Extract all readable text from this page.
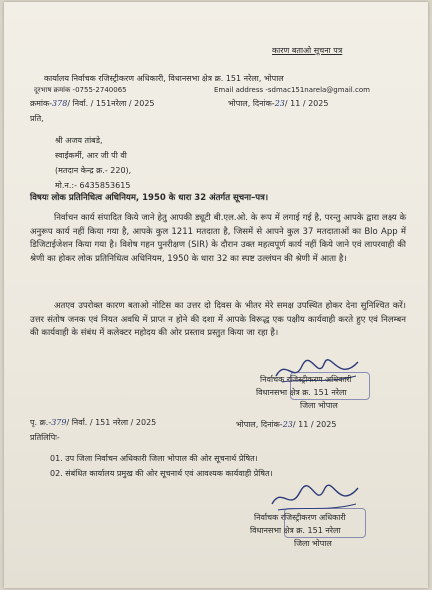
कारण बताओ सूचना पत्र
कार्यालय निर्वाचक रजिस्ट्रीकरण अधिकारी, विधानसभा क्षेत्र क्र. 151 नरेला, भोपाल
दूरभाष क्रमांक -0755-2740065	Email address -sdmac151narela@gmail.com
क्रमांक-378/ निर्वा. / 151नरेला / 2025	भोपाल, दिनांक-23/ 11 / 2025
प्रति,
श्री अजय तांबडे,
स्वाईकर्मी, आर जी पी वी
(मतदान केन्द्र क्र.- 220),
मो.न.:- 6435853615
विषयः लोक प्रतिनिधित्व अधिनियम, 1950 के धारा 32 अंतर्गत सूचना–पत्र।
निर्वाचन कार्य संपादित किये जाने हेतु आपकी ड्यूटी बी.एल.ओ. के रूप में लगाई गई है, परन्तु आपके द्वारा लक्ष्य के अनुरूप कार्य नहीं किया गया है, आपके कुल 1211 मतदाता है, जिसमें से आपने कुल 37 मतदाताओं का Blo App में डिजिटाईजेशन किया गया है। विशेष गहन पुनरीक्षण (SIR) के दौरान उक्त महत्वपूर्ण कार्य नहीं किये जाने एवं लापरवाही की श्रेणी का होकर लोक प्रतिनिधित्व अधिनियम, 1950 के धारा 32 का स्पष्ट उल्लंघन की श्रेणी में आता है।
अतएव उपरोक्त कारण बताओ नोटिस का उत्तर दो दिवस के भीतर मेरे समक्ष उपस्थित होकर देना सुनिश्चित करें। उत्तर संतोष जनक एवं नियत अवधि में प्राप्त न होने की दशा में आपके विरूद्ध एक पक्षीय कार्यवाही करते हुए एवं निलम्बन की कार्यवाही के संबंध में कलेक्टर महोदय की ओर प्रस्ताव प्रस्तुत किया जा रहा है।
निर्वाचक रजिस्ट्रीकरण अधिकारी
विधानसभा क्षेत्र क्र. 151 नरेला
जिला भोपाल
पृ. क्र.-379/ निर्वा. / 151 नरेला / 2025	भोपाल, दिनांक-23/ 11 / 2025
प्रतिलिपिः-
01. उप जिला निर्वाचन अधिकारी जिला भोपाल की ओर सूचनार्थ प्रेषित।
02. संबंधित कार्यालय प्रमुख की ओर सूचनार्थ एवं आवश्यक कार्यवाही प्रेषित।
निर्वाचक रजिस्ट्रीकरण अधिकारी
विधानसभा क्षेत्र क्र. 151 नरेला
जिला भोपाल
